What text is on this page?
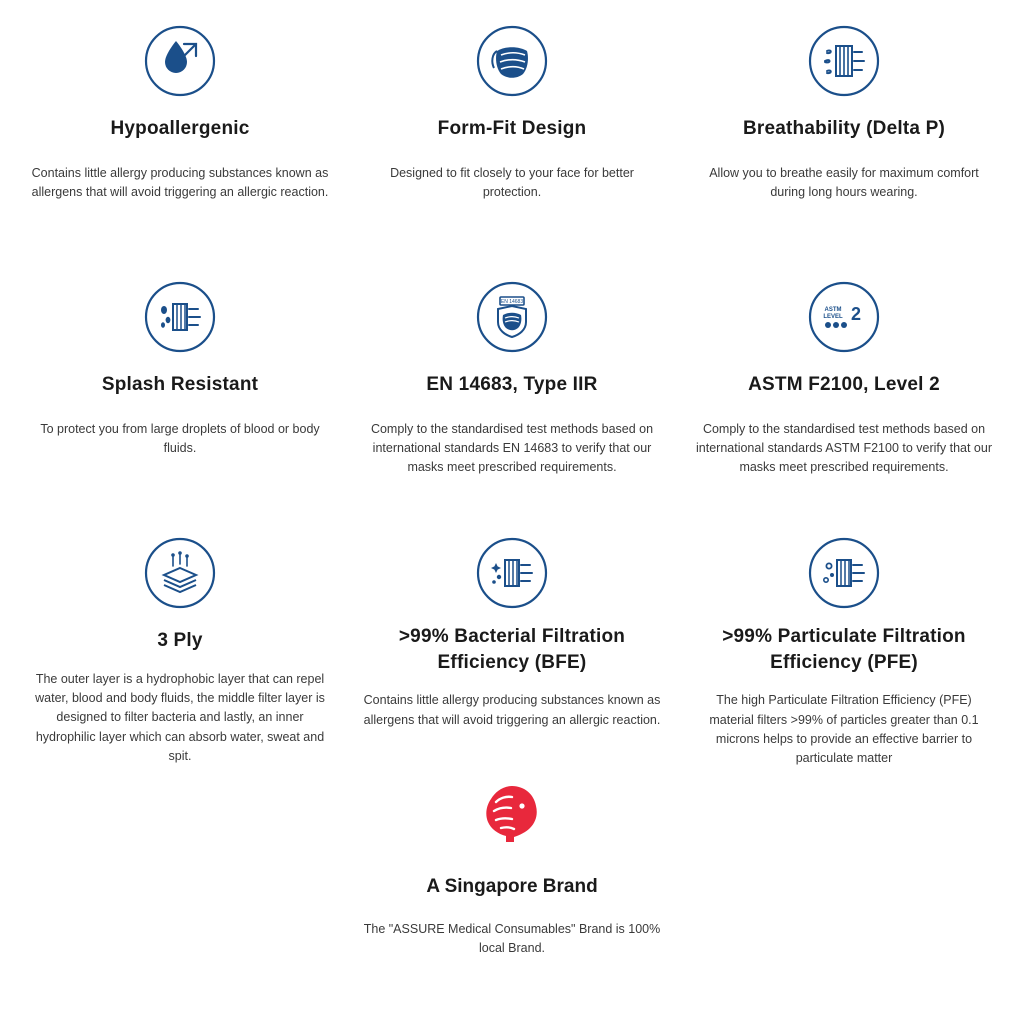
Hypoallergenic
Contains little allergy producing substances known as allergens that will avoid triggering an allergic reaction.
Form-Fit Design
Designed to fit closely to your face for better protection.
Breathability (Delta P)
Allow you to breathe easily for maximum comfort during long hours wearing.
Splash Resistant
To protect you from large droplets of blood or body fluids.
EN 14683
EN 14683, Type IIR
Comply to the standardised test methods based on international standards EN 14683 to verify that our masks meet prescribed requirements.
ASTM
LEVEL 2
ASTM F2100, Level 2
Comply to the standardised test methods based on international standards ASTM F2100 to verify that our masks meet prescribed requirements.
3 Ply
The outer layer is a hydrophobic layer that can repel water, blood and body fluids, the middle filter layer is designed to filter bacteria and lastly, an inner hydrophilic layer which can absorb water, sweat and spit.
>99% Bacterial Filtration Efficiency (BFE)
Contains little allergy producing substances known as allergens that will avoid triggering an allergic reaction.
>99% Particulate Filtration Efficiency (PFE)
The high Particulate Filtration Efficiency (PFE) material filters >99% of particles greater than 0.1 microns helps to provide an effective barrier to particulate matter
A Singapore Brand
The "ASSURE Medical Consumables" Brand is 100% local Brand.
